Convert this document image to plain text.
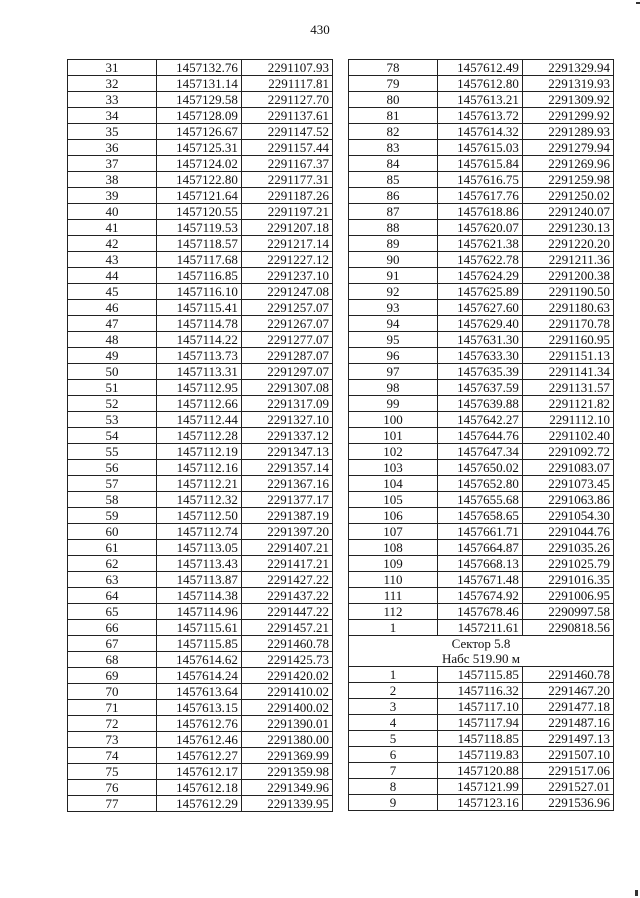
430
31	1457132.76	2291107.93
32	1457131.14	2291117.81
33	1457129.58	2291127.70
34	1457128.09	2291137.61
35	1457126.67	2291147.52
36	1457125.31	2291157.44
37	1457124.02	2291167.37
38	1457122.80	2291177.31
39	1457121.64	2291187.26
40	1457120.55	2291197.21
41	1457119.53	2291207.18
42	1457118.57	2291217.14
43	1457117.68	2291227.12
44	1457116.85	2291237.10
45	1457116.10	2291247.08
46	1457115.41	2291257.07
47	1457114.78	2291267.07
48	1457114.22	2291277.07
49	1457113.73	2291287.07
50	1457113.31	2291297.07
51	1457112.95	2291307.08
52	1457112.66	2291317.09
53	1457112.44	2291327.10
54	1457112.28	2291337.12
55	1457112.19	2291347.13
56	1457112.16	2291357.14
57	1457112.21	2291367.16
58	1457112.32	2291377.17
59	1457112.50	2291387.19
60	1457112.74	2291397.20
61	1457113.05	2291407.21
62	1457113.43	2291417.21
63	1457113.87	2291427.22
64	1457114.38	2291437.22
65	1457114.96	2291447.22
66	1457115.61	2291457.21
67	1457115.85	2291460.78
68	1457614.62	2291425.73
69	1457614.24	2291420.02
70	1457613.64	2291410.02
71	1457613.15	2291400.02
72	1457612.76	2291390.01
73	1457612.46	2291380.00
74	1457612.27	2291369.99
75	1457612.17	2291359.98
76	1457612.18	2291349.96
77	1457612.29	2291339.95
78	1457612.49	2291329.94
79	1457612.80	2291319.93
80	1457613.21	2291309.92
81	1457613.72	2291299.92
82	1457614.32	2291289.93
83	1457615.03	2291279.94
84	1457615.84	2291269.96
85	1457616.75	2291259.98
86	1457617.76	2291250.02
87	1457618.86	2291240.07
88	1457620.07	2291230.13
89	1457621.38	2291220.20
90	1457622.78	2291211.36
91	1457624.29	2291200.38
92	1457625.89	2291190.50
93	1457627.60	2291180.63
94	1457629.40	2291170.78
95	1457631.30	2291160.95
96	1457633.30	2291151.13
97	1457635.39	2291141.34
98	1457637.59	2291131.57
99	1457639.88	2291121.82
100	1457642.27	2291112.10
101	1457644.76	2291102.40
102	1457647.34	2291092.72
103	1457650.02	2291083.07
104	1457652.80	2291073.45
105	1457655.68	2291063.86
106	1457658.65	2291054.30
107	1457661.71	2291044.76
108	1457664.87	2291035.26
109	1457668.13	2291025.79
110	1457671.48	2291016.35
111	1457674.92	2291006.95
112	1457678.46	2290997.58
1	1457211.61	2290818.56

Сектор 5.8
Набс 519.90 м		

1	1457115.85	2291460.78
2	1457116.32	2291467.20
3	1457117.10	2291477.18
4	1457117.94	2291487.16
5	1457118.85	2291497.13
6	1457119.83	2291507.10
7	1457120.88	2291517.06
8	1457121.99	2291527.01
9	1457123.16	2291536.96
